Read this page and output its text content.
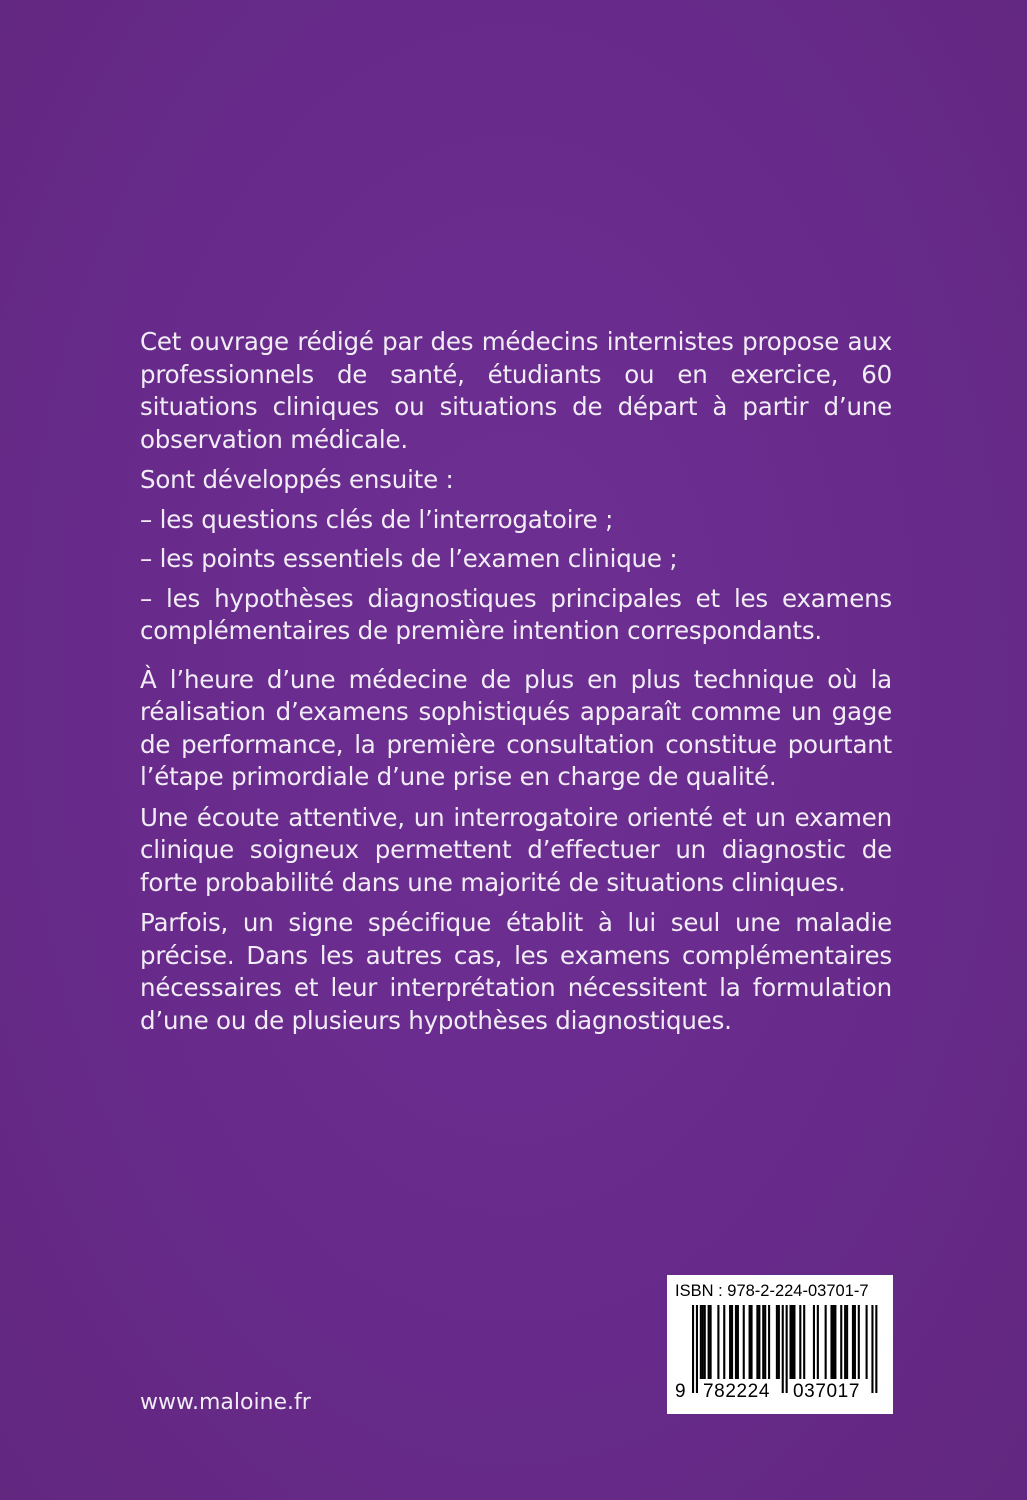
Cet ouvrage rédigé par des médecins internistes propose aux professionnels de santé, étudiants ou en exercice, 60 situations cliniques ou situations de départ à partir d’une observation médicale.

Sont développés ensuite :

– les questions clés de l’interrogatoire ;

– les points essentiels de l’examen clinique ;

– les hypothèses diagnostiques principales et les examens complémentaires de première intention correspondants.

À l’heure d’une médecine de plus en plus technique où la réalisation d’examens sophistiqués apparaît comme un gage de performance, la première consultation constitue pourtant l’étape primordiale d’une prise en charge de qualité.

Une écoute attentive, un interrogatoire orienté et un examen clinique soigneux permettent d’effectuer un diagnostic de forte probabilité dans une majorité de situations cliniques.

Parfois, un signe spécifique établit à lui seul une maladie précise. Dans les autres cas, les examens complémentaires nécessaires et leur interprétation nécessitent la formulation d’une ou de plusieurs hypothèses diagnostiques.

www.maloine.fr
ISBN : 978-2-224-03701-7
9 782224 037017
